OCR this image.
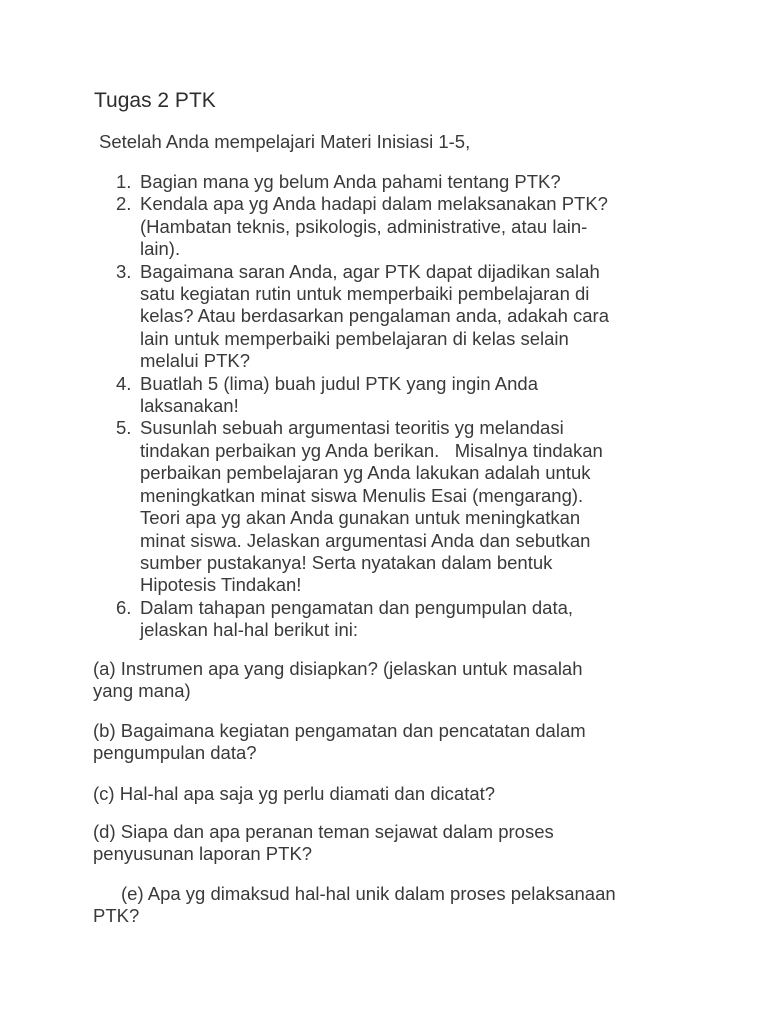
Tugas 2 PTK
Setelah Anda mempelajari Materi Inisiasi 1-5,
1. Bagian mana yg belum Anda pahami tentang PTK?
2. Kendala apa yg Anda hadapi dalam melaksanakan PTK?
(Hambatan teknis, psikologis, administrative, atau lain-
lain).
3. Bagaimana saran Anda, agar PTK dapat dijadikan salah
satu kegiatan rutin untuk memperbaiki pembelajaran di
kelas? Atau berdasarkan pengalaman anda, adakah cara
lain untuk memperbaiki pembelajaran di kelas selain
melalui PTK?
4. Buatlah 5 (lima) buah judul PTK yang ingin Anda
laksanakan!
5. Susunlah sebuah argumentasi teoritis yg melandasi
tindakan perbaikan yg Anda berikan.   Misalnya tindakan
perbaikan pembelajaran yg Anda lakukan adalah untuk
meningkatkan minat siswa Menulis Esai (mengarang).
Teori apa yg akan Anda gunakan untuk meningkatkan
minat siswa. Jelaskan argumentasi Anda dan sebutkan
sumber pustakanya! Serta nyatakan dalam bentuk
Hipotesis Tindakan!
6. Dalam tahapan pengamatan dan pengumpulan data,
jelaskan hal-hal berikut ini:
(a) Instrumen apa yang disiapkan? (jelaskan untuk masalah
yang mana)
(b) Bagaimana kegiatan pengamatan dan pencatatan dalam
pengumpulan data?
(c) Hal-hal apa saja yg perlu diamati dan dicatat?
(d) Siapa dan apa peranan teman sejawat dalam proses
penyusunan laporan PTK?
(e) Apa yg dimaksud hal-hal unik dalam proses pelaksanaan
PTK?
